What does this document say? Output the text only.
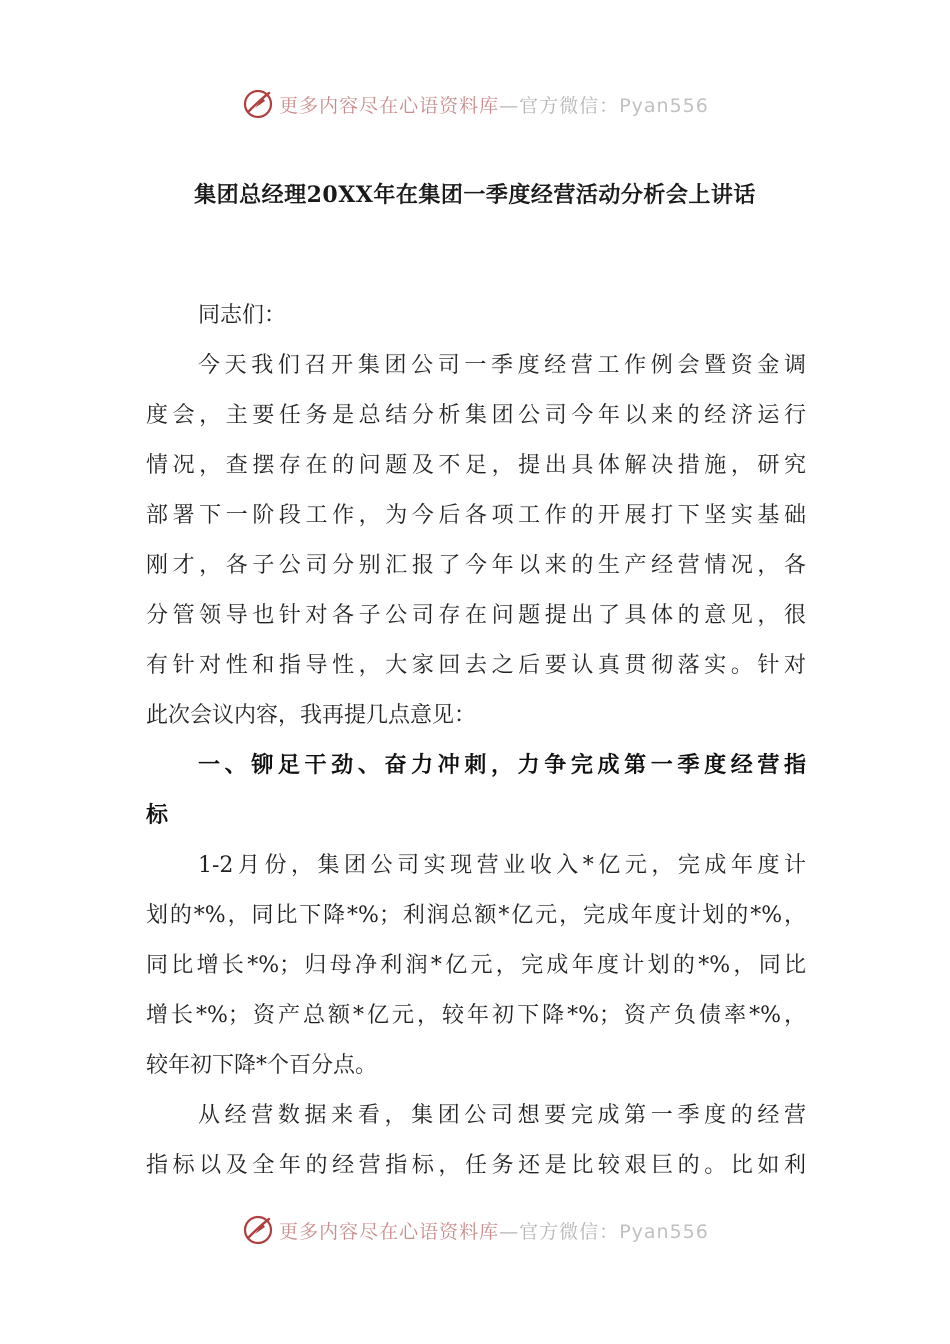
更多内容尽在心语资料库—官方微信：Pyan556
集团总经理20XX年在集团一季度经营活动分析会上讲话
同志们：
今天我们召开集团公司一季度经营工作例会暨资金调
度会，主要任务是总结分析集团公司今年以来的经济运行
情况，查摆存在的问题及不足，提出具体解决措施，研究
部署下一阶段工作，为今后各项工作的开展打下坚实基础
刚才，各子公司分别汇报了今年以来的生产经营情况，各
分管领导也针对各子公司存在问题提出了具体的意见，很
有针对性和指导性，大家回去之后要认真贯彻落实。针对
此次会议内容，我再提几点意见：
一、铆足干劲、奋力冲刺，力争完成第一季度经营指
标
1-2月份，集团公司实现营业收入*亿元，完成年度计
划的*%，同比下降*%；利润总额*亿元，完成年度计划的*%，
同比增长*%；归母净利润*亿元，完成年度计划的*%，同比
增长*%；资产总额*亿元，较年初下降*%；资产负债率*%，
较年初下降*个百分点。
从经营数据来看，集团公司想要完成第一季度的经营
指标以及全年的经营指标，任务还是比较艰巨的。比如利
更多内容尽在心语资料库—官方微信：Pyan556
